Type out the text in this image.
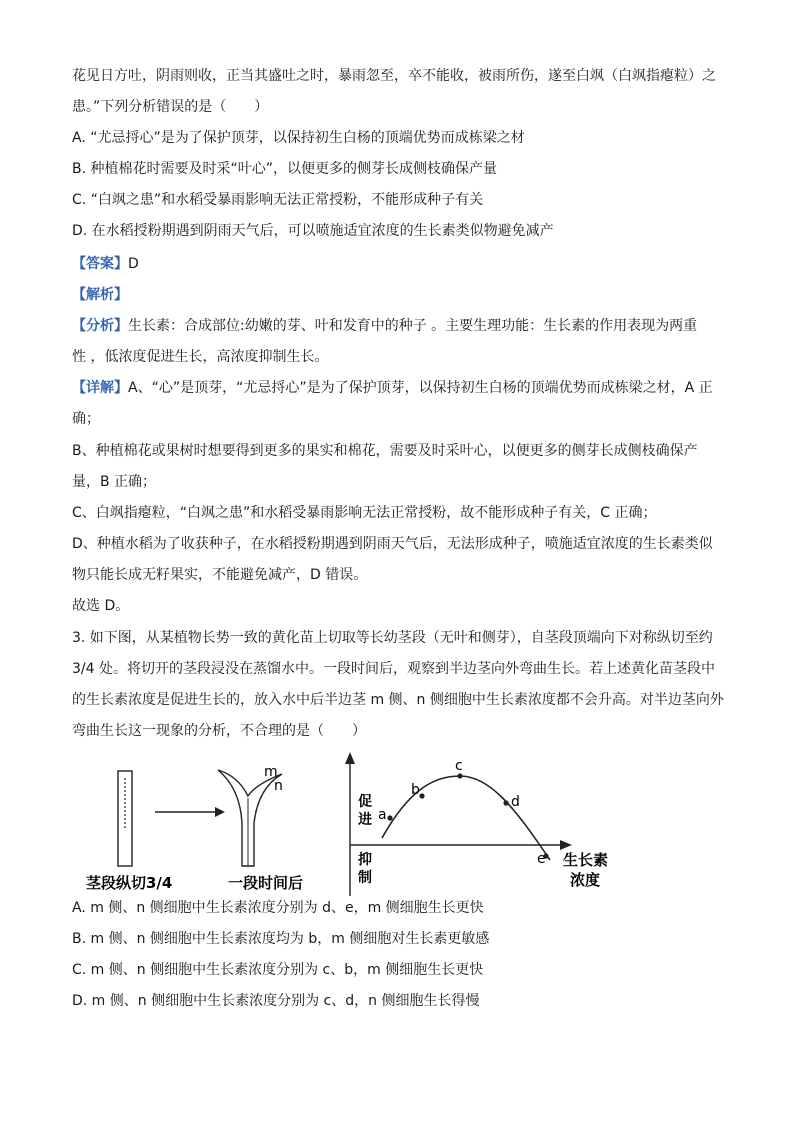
花见日方吐，阴雨则收，正当其盛吐之时，暴雨忽至，卒不能收，被雨所伤，遂至白飒（白飒指瘪粒）之
患。”下列分析错误的是（　　）
A. “尤忌捋心”是为了保护顶芽，以保持初生白杨的顶端优势而成栋梁之材
B. 种植棉花时需要及时采“叶心”，以便更多的侧芽长成侧枝确保产量
C. “白飒之患”和水稻受暴雨影响无法正常授粉，不能形成种子有关
D. 在水稻授粉期遇到阴雨天气后，可以喷施适宜浓度的生长素类似物避免减产
【答案】D
【解析】
【分析】生长素：合成部位:幼嫩的芽、叶和发育中的种子 。主要生理功能：生长素的作用表现为两重
性 ，低浓度促进生长，高浓度抑制生长。
【详解】A、“心”是顶芽，“尤忌捋心”是为了保护顶芽，以保持初生白杨的顶端优势而成栋梁之材，A 正
确；
B、种植棉花或果树时想要得到更多的果实和棉花，需要及时采叶心，以便更多的侧芽长成侧枝确保产
量，B 正确；
C、白飒指瘪粒，“白飒之患”和水稻受暴雨影响无法正常授粉，故不能形成种子有关，C 正确；
D、种植水稻为了收获种子，在水稻授粉期遇到阴雨天气后，无法形成种子，喷施适宜浓度的生长素类似
物只能长成无籽果实，不能避免减产，D 错误。
故选 D。
3. 如下图，从某植物长势一致的黄化苗上切取等长幼茎段（无叶和侧芽），自茎段顶端向下对称纵切至约
3/4 处。将切开的茎段浸没在蒸馏水中。一段时间后，观察到半边茎向外弯曲生长。若上述黄化苗茎段中
的生长素浓度是促进生长的，放入水中后半边茎 m 侧、n 侧细胞中生长素浓度都不会升高。对半边茎向外
弯曲生长这一现象的分析，不合理的是（　　）
m
n
茎段纵切3/4	一段时间后
a
b
c
d
e
促进
抑制
生长素浓度
A. m 侧、n 侧细胞中生长素浓度分别为 d、e，m 侧细胞生长更快
B. m 侧、n 侧细胞中生长素浓度均为 b，m 侧细胞对生长素更敏感
C. m 侧、n 侧细胞中生长素浓度分别为 c、b，m 侧细胞生长更快
D. m 侧、n 侧细胞中生长素浓度分别为 c、d，n 侧细胞生长得慢
